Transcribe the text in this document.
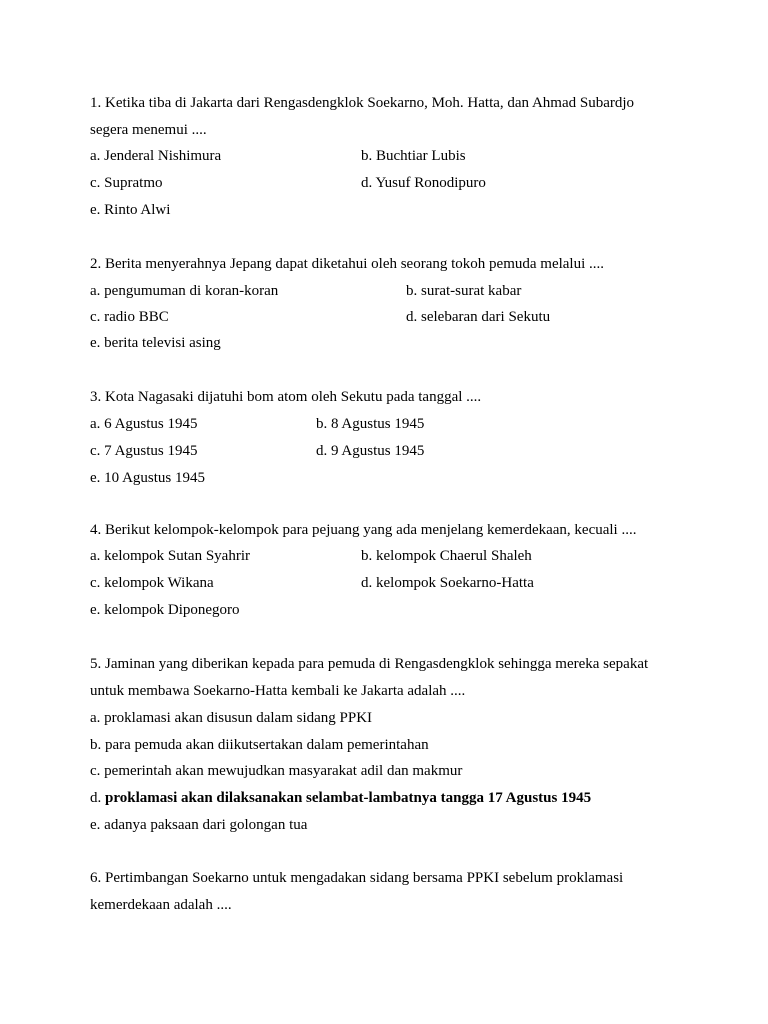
1. Ketika tiba di Jakarta dari Rengasdengklok Soekarno, Moh. Hatta, dan Ahmad Subardjo
segera menemui ....
a. Jenderal Nishimura	b. Buchtiar Lubis
c. Supratmo	d. Yusuf Ronodipuro
e. Rinto Alwi
2. Berita menyerahnya Jepang dapat diketahui oleh seorang tokoh pemuda melalui ....
a. pengumuman di koran-koran	b. surat-surat kabar
c. radio BBC	d. selebaran dari Sekutu
e. berita televisi asing
3. Kota Nagasaki dijatuhi bom atom oleh Sekutu pada tanggal ....
a. 6 Agustus 1945	b. 8 Agustus 1945
c. 7 Agustus 1945	d. 9 Agustus 1945
e. 10 Agustus 1945
4. Berikut kelompok-kelompok para pejuang yang ada menjelang kemerdekaan, kecuali ....
a. kelompok Sutan Syahrir	b. kelompok Chaerul Shaleh
c. kelompok Wikana	d. kelompok Soekarno-Hatta
e. kelompok Diponegoro
5. Jaminan yang diberikan kepada para pemuda di Rengasdengklok sehingga mereka sepakat
untuk membawa Soekarno-Hatta kembali ke Jakarta adalah ....
a. proklamasi akan disusun dalam sidang PPKI
b. para pemuda akan diikutsertakan dalam pemerintahan
c. pemerintah akan mewujudkan masyarakat adil dan makmur
d. proklamasi akan dilaksanakan selambat-lambatnya tangga 17 Agustus 1945
e. adanya paksaan dari golongan tua
6. Pertimbangan Soekarno untuk mengadakan sidang bersama PPKI sebelum proklamasi
kemerdekaan adalah ....
